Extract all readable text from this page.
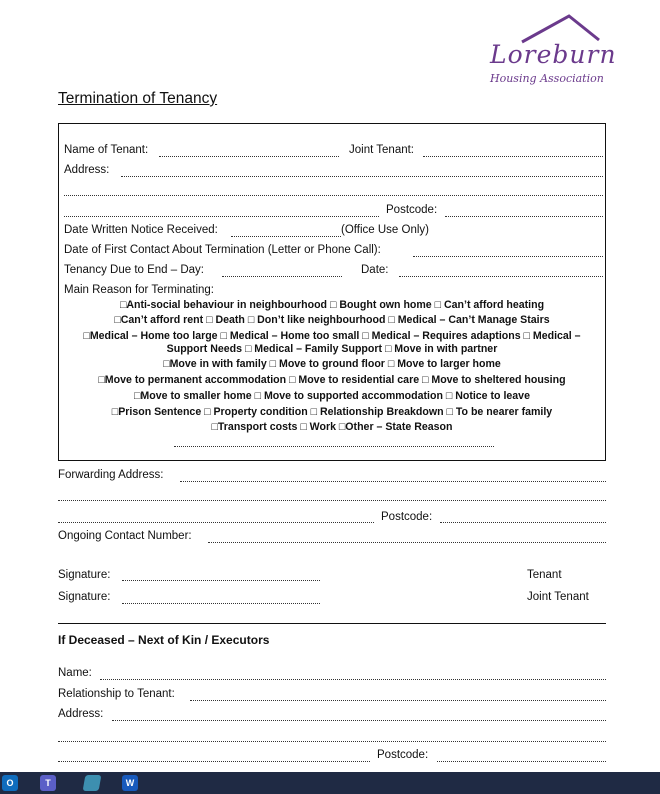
Loreburn
Housing Association
Termination of Tenancy
Name of Tenant:	Joint Tenant:
Address:
Postcode:
Date Written Notice Received:	(Office Use Only)
Date of First Contact About Termination (Letter or Phone Call):
Tenancy Due to End – Day:	Date:
Main Reason for Terminating:
□Anti-social behaviour in neighbourhood □ Bought own home □ Can’t afford heating
□Can’t afford rent □ Death □ Don’t like neighbourhood □ Medical – Can’t Manage Stairs
□Medical – Home too large □ Medical – Home too small □ Medical – Requires adaptions □ Medical –
Support Needs □ Medical – Family Support □ Move in with partner
□Move in with family □ Move to ground floor □ Move to larger home
□Move to permanent accommodation □ Move to residential care □ Move to sheltered housing
□Move to smaller home □ Move to supported accommodation □ Notice to leave
□Prison Sentence □ Property condition □ Relationship Breakdown □ To be nearer family
□Transport costs □ Work □Other – State Reason
Forwarding Address:
Postcode:
Ongoing Contact Number:
Signature:	Tenant
Signature:	Joint Tenant
If Deceased – Next of Kin / Executors
Name:
Relationship to Tenant:
Address:
Postcode:
O	T	W
